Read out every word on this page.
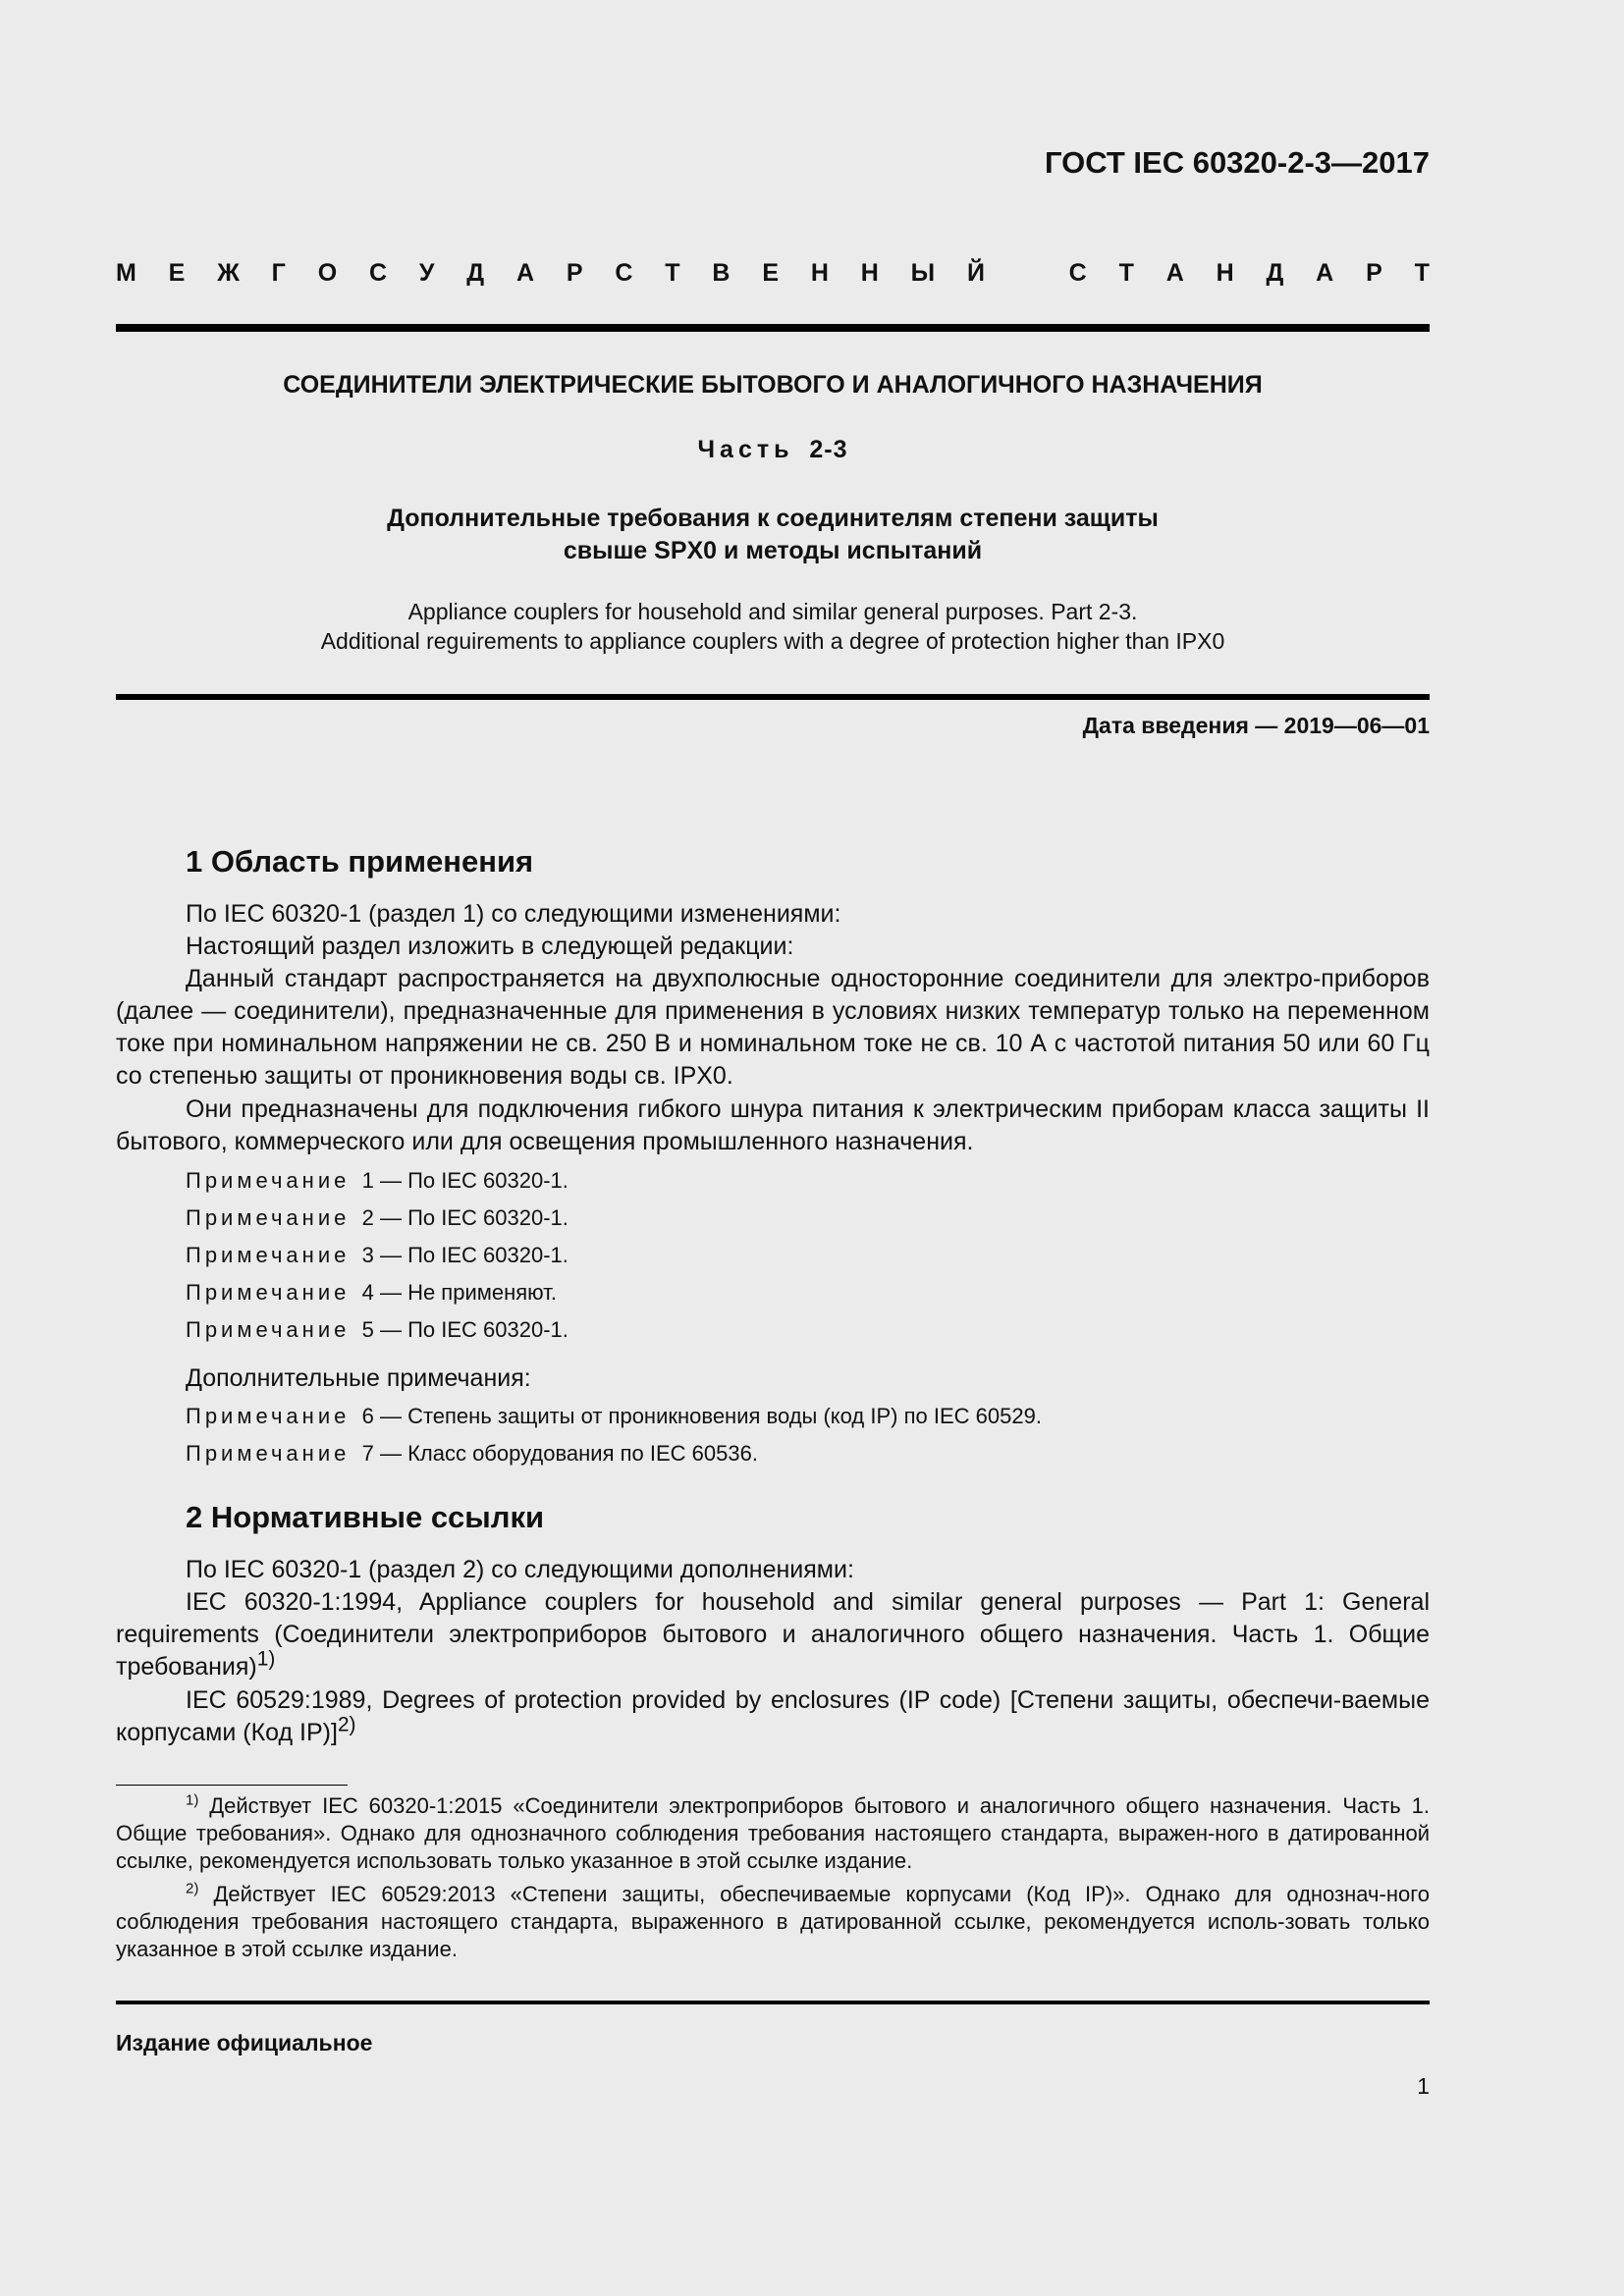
ГОСТ IEC 60320-2-3—2017
М Е Ж Г О С У Д А Р С Т В Е Н Н Ы Й	С Т А Н Д А Р Т
СОЕДИНИТЕЛИ ЭЛЕКТРИЧЕСКИЕ БЫТОВОГО И АНАЛОГИЧНОГО НАЗНАЧЕНИЯ
Часть 2-3
Дополнительные требования к соединителям степени защиты
свыше SPX0 и методы испытаний
Appliance couplers for household and similar general purposes. Part 2-3.
Additional reguirements to appliance couplers with a degree of protection higher than IPX0
Дата введения — 2019—06—01
1 Область применения

По IEC 60320-1 (раздел 1) со следующими изменениями:

Настоящий раздел изложить в следующей редакции:

Данный стандарт распространяется на двухполюсные односторонние соединители для электро-приборов (далее — соединители), предназначенные для применения в условиях низких температур только на переменном токе при номинальном напряжении не св. 250 В и номинальном токе не св. 10 А с частотой питания 50 или 60 Гц со степенью защиты от проникновения воды св. IPX0.

Они предназначены для подключения гибкого шнура питания к электрическим приборам класса защиты II бытового, коммерческого или для освещения промышленного назначения.

Примечание 1 — По IEC 60320-1.
Примечание 2 — По IEC 60320-1.
Примечание 3 — По IEC 60320-1.
Примечание 4 — Не применяют.
Примечание 5 — По IEC 60320-1.

Дополнительные примечания:

Примечание 6 — Степень защиты от проникновения воды (код IP) по IEC 60529.
Примечание 7 — Класс оборудования по IEC 60536.
2 Нормативные ссылки

По IEC 60320-1 (раздел 2) со следующими дополнениями:

IEC 60320-1:1994, Appliance couplers for household and similar general purposes — Part 1: General requirements (Соединители электроприборов бытового и аналогичного общего назначения. Часть 1. Общие требования)$^{1)}$

IEC 60529:1989, Degrees of protection provided by enclosures (IP code) [Степени защиты, обеспечи-ваемые корпусами (Код IP)]$^{2)}$

$^{1)}$ Действует IEC 60320-1:2015 «Соединители электроприборов бытового и аналогичного общего назначения. Часть 1. Общие требования». Однако для однозначного соблюдения требования настоящего стандарта, выражен-ного в датированной ссылке, рекомендуется использовать только указанное в этой ссылке издание.

$^{2)}$ Действует IEC 60529:2013 «Степени защиты, обеспечиваемые корпусами (Код IP)». Однако для однознач-ного соблюдения требования настоящего стандарта, выраженного в датированной ссылке, рекомендуется исполь-зовать только указанное в этой ссылке издание.

Издание официальное
1
